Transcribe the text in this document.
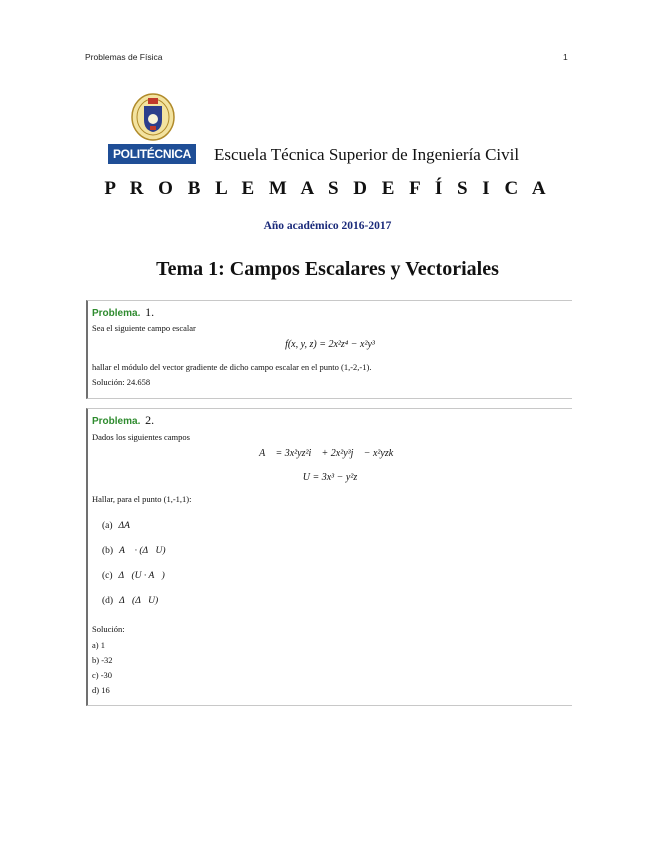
Problemas de Física	1
POLITÉCNICA Escuela Técnica Superior de Ingeniería Civil
P R O B L E M A S D E F Í S I C A
Año académico 2016-2017
Tema 1: Campos Escalares y Vectoriales
Problema. 1.
Sea el siguiente campo escalar
f(x, y, z) = 2x²z⁴ − x²y³
hallar el módulo del vector gradiente de dicho campo escalar en el punto (1,-2,-1).
Solución: 24.658
Problema. 2.
Dados los siguientes campos
A⃗ = 3x²yz²i⃗ + 2x²y³j⃗ − x²yzk⃗
U = 3x³ − y²z
Hallar, para el punto (1,-1,1):
(a) ΔA⃗
(b) A⃗ · (Δ⃗U)
(c) Δ⃗(U · A⃗)
(d) Δ⃗(Δ⃗U)
Solución:
a) 1
b) -32
c) -30
d) 16
